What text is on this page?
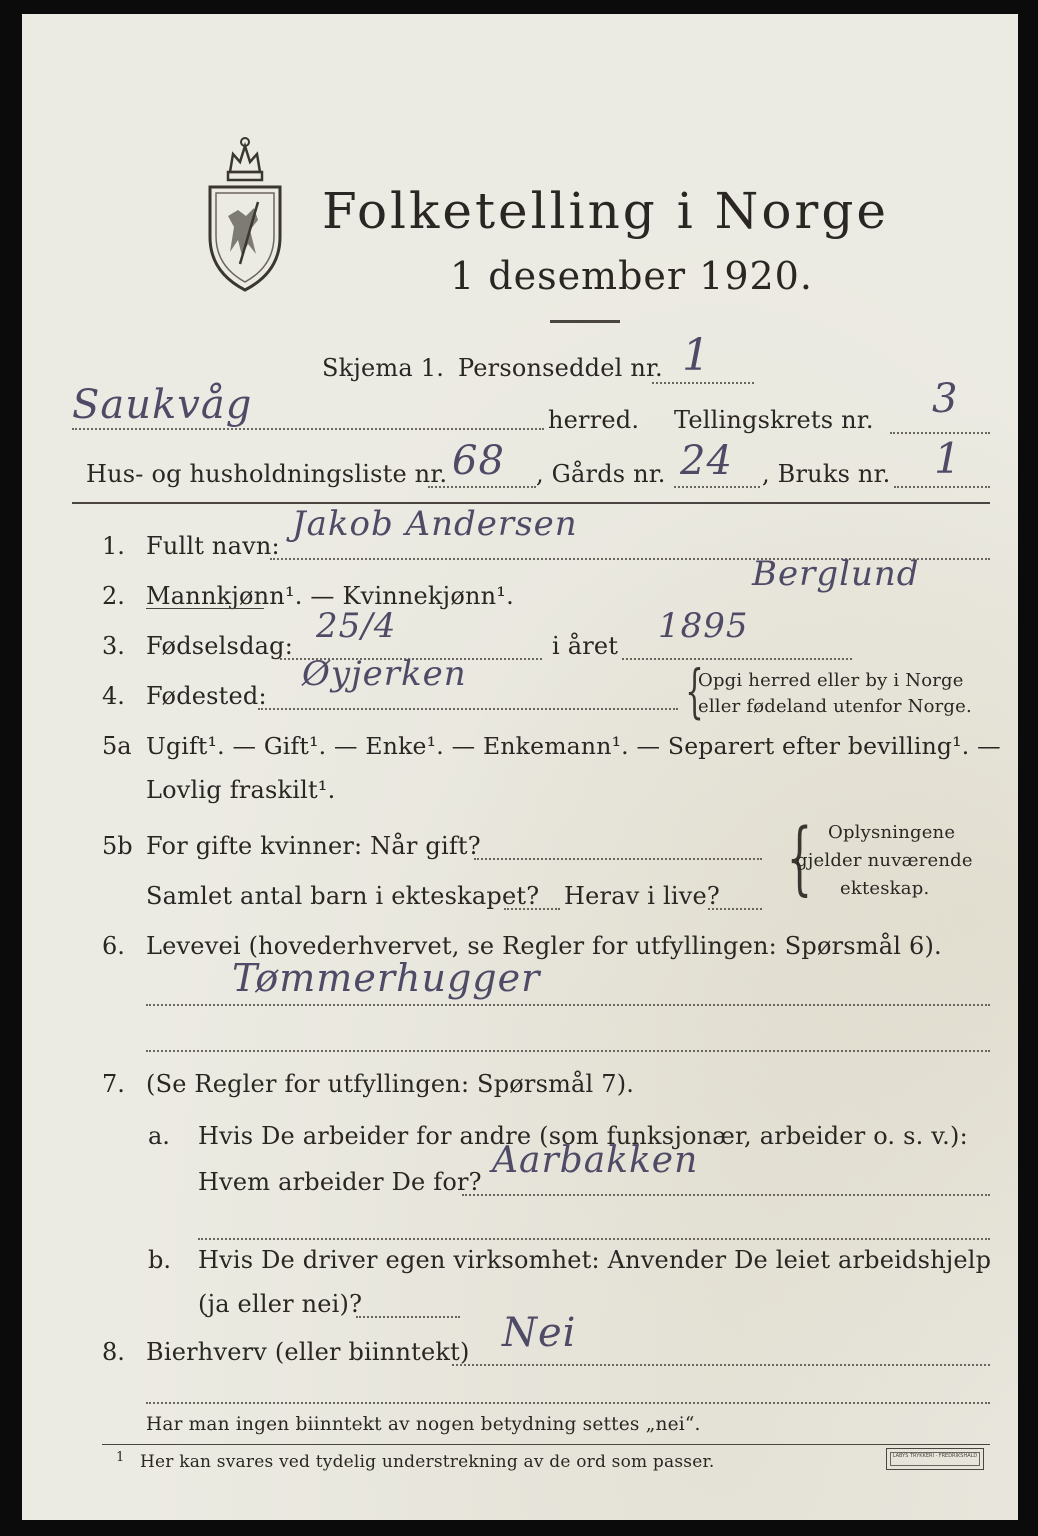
Folketelling i Norge
1 desember 1920.
Skjema 1. Personseddel nr. 1
Saukvåg	herred. Tellingskrets nr. 3
Hus- og husholdningsliste nr. 68 , Gårds nr. 24 , Bruks nr. 1
1. Fullt navn:
Jakob Andersen
2. Mannkjønn¹. — Kvinnekjønn¹.
Berglund
3. Fødselsdag: 25/4	i året 1895
4. Fødested:
Øyjerken	{
Opgi herred eller by i Norge
eller fødeland utenfor Norge.
5a Ugift¹. — Gift¹. — Enke¹. — Enkemann¹. — Separert efter bevilling¹. —
Lovlig fraskilt¹.
5b For gifte kvinner: Når gift?
Samlet antal barn i ekteskapet? Herav i live? { Oplysningene
gjelder nuværende
ekteskap.
6. Levevei (hovederhvervet, se Regler for utfyllingen: Spørsmål 6).
Tømmerhugger
7. (Se Regler for utfyllingen: Spørsmål 7).
a. Hvis De arbeider for andre (som funksjonær, arbeider o. s. v.):
Hvem arbeider De for?
Aarbakken
b. Hvis De driver egen virksomhet: Anvender De leiet arbeidshjelp
(ja eller nei)?
8. Bierhverv (eller biinntekt) Nei
Har man ingen biinntekt av nogen betydning settes „nei“.
1 Her kan svares ved tydelig understrekning av de ord som passer.	LABYS TRYKKERI · FREDRIKSHALD
